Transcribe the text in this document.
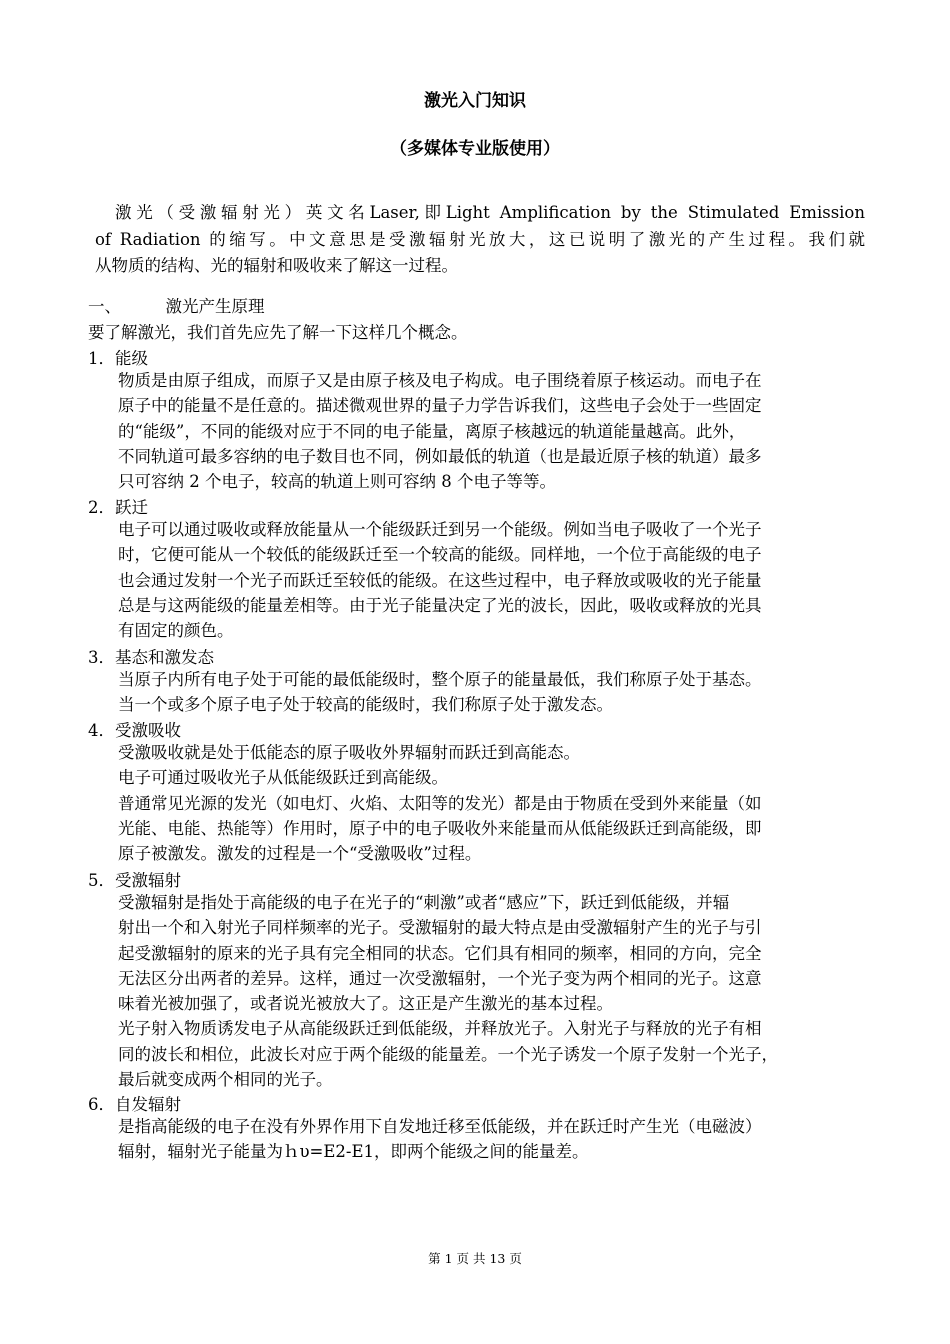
激光入门知识
（多媒体专业版使用）
激光（受激辐射光）英文名Laser,即Light Amplification by the Stimulated Emission
of Radiation 的缩写。中文意思是受激辐射光放大，这已说明了激光的产生过程。我们就
从物质的结构、光的辐射和吸收来了解这一过程。
一、	激光产生原理
要了解激光，我们首先应先了解一下这样几个概念。
1．能级
物质是由原子组成，而原子又是由原子核及电子构成。电子围绕着原子核运动。而电子在
原子中的能量不是任意的。描述微观世界的量子力学告诉我们，这些电子会处于一些固定
的“能级”，不同的能级对应于不同的电子能量，离原子核越远的轨道能量越高。此外，
不同轨道可最多容纳的电子数目也不同，例如最低的轨道（也是最近原子核的轨道）最多
只可容纳 2 个电子，较高的轨道上则可容纳 8 个电子等等。
2．跃迁
电子可以通过吸收或释放能量从一个能级跃迁到另一个能级。例如当电子吸收了一个光子
时，它便可能从一个较低的能级跃迁至一个较高的能级。同样地，一个位于高能级的电子
也会通过发射一个光子而跃迁至较低的能级。在这些过程中，电子释放或吸收的光子能量
总是与这两能级的能量差相等。由于光子能量决定了光的波长，因此，吸收或释放的光具
有固定的颜色。
3．基态和激发态
当原子内所有电子处于可能的最低能级时，整个原子的能量最低，我们称原子处于基态。
当一个或多个原子电子处于较高的能级时，我们称原子处于激发态。
4．受激吸收
受激吸收就是处于低能态的原子吸收外界辐射而跃迁到高能态。
电子可通过吸收光子从低能级跃迁到高能级。
普通常见光源的发光（如电灯、火焰、太阳等的发光）都是由于物质在受到外来能量（如
光能、电能、热能等）作用时，原子中的电子吸收外来能量而从低能级跃迁到高能级，即
原子被激发。激发的过程是一个“受激吸收”过程。
5．受激辐射
受激辐射是指处于高能级的电子在光子的“刺激”或者“感应”下，跃迁到低能级，并辐
射出一个和入射光子同样频率的光子。受激辐射的最大特点是由受激辐射产生的光子与引
起受激辐射的原来的光子具有完全相同的状态。它们具有相同的频率，相同的方向，完全
无法区分出两者的差异。这样，通过一次受激辐射，一个光子变为两个相同的光子。这意
味着光被加强了，或者说光被放大了。这正是产生激光的基本过程。
光子射入物质诱发电子从高能级跃迁到低能级，并释放光子。入射光子与释放的光子有相
同的波长和相位，此波长对应于两个能级的能量差。一个光子诱发一个原子发射一个光子，
最后就变成两个相同的光子。
6．自发辐射
是指高能级的电子在没有外界作用下自发地迁移至低能级，并在跃迁时产生光（电磁波）
辐射，辐射光子能量为ｈυ=E2-E1，即两个能级之间的能量差。
第 1 页 共 13 页
